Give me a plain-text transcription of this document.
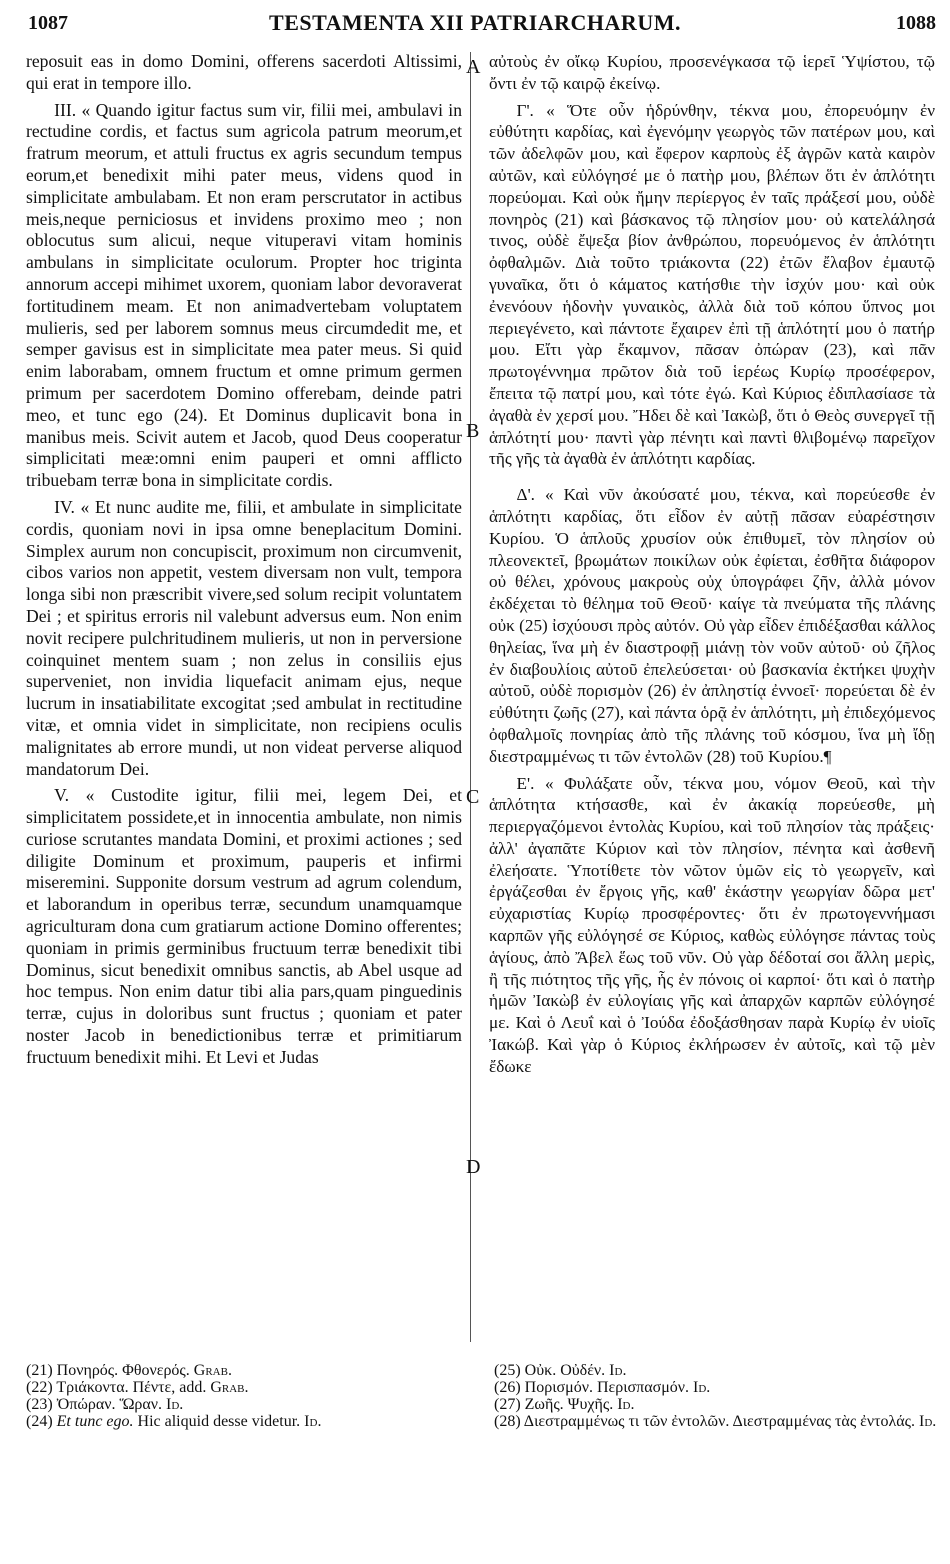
1087	TESTAMENTA XII PATRIARCHARUM.	1088

reposuit eas in domo Domini, offerens sacerdoti Altissimi, qui erat in tempore illo.

III. « Quando igitur factus sum vir, filii mei, ambulavi in rectudine cordis, et factus sum agricola patrum meorum,et fratrum meorum, et attuli fructus ex agris secundum tempus eorum,et benedixit mihi pater meus, videns quod in simplicitate ambulabam. Et non eram perscrutator in actibus meis,neque perniciosus et invidens proximo meo ; non oblocutus sum alicui, neque vituperavi vitam hominis ambulans in simplicitate oculorum. Propter hoc triginta annorum accepi mihimet uxorem, quoniam labor devoraverat fortitudinem meam. Et non animadvertebam voluptatem mulieris, sed per laborem somnus meus circumdedit me, et semper gavisus est in simplicitate mea pater meus. Si quid enim laborabam, omnem fructum et omne primum germen primum per sacerdotem Domino offerebam, deinde patri meo, et tunc ego (24). Et Dominus duplicavit bona in manibus meis. Scivit autem et Jacob, quod Deus cooperatur simplicitati meæ:omni enim pauperi et omni afflicto tribuebam terræ bona in simplicitate cordis.

IV. « Et nunc audite me, filii, et ambulate in simplicitate cordis, quoniam novi in ipsa omne beneplacitum Domini. Simplex aurum non concupiscit, proximum non circumvenit, cibos varios non appetit, vestem diversam non vult, tempora longa sibi non præscribit vivere,sed solum recipit voluntatem Dei ; et spiritus erroris nil valebunt adversus eum. Non enim novit recipere pulchritudinem mulieris, ut non in perversione coinquinet mentem suam ; non zelus in consiliis ejus superveniet, non invidia liquefacit animam ejus, neque lucrum in insatiabilitate excogitat ;sed ambulat in rectitudine vitæ, et omnia videt in simplicitate, non recipiens oculis malignitates ab errore mundi, ut non videat perverse aliquod mandatorum Dei.

V. « Custodite igitur, filii mei, legem Dei, et simplicitatem possidete,et in innocentia ambulate, non nimis curiose scrutantes mandata Domini, et proximi actiones ; sed diligite Dominum et proximum, pauperis et infirmi miseremini. Supponite dorsum vestrum ad agrum colendum, et laborandum in operibus terræ, secundum unamquamque agriculturam dona cum gratiarum actione Domino offerentes; quoniam in primis germinibus fructuum terræ benedixit tibi Dominus, sicut benedixit omnibus sanctis, ab Abel usque ad hoc tempus. Non enim datur tibi alia pars,quam pinguedinis terræ, cujus in doloribus sunt fructus ; quoniam et pater noster Jacob in benedictionibus terræ et primitiarum fructuum benedixit mihi. Et Levi et Judas

A
B
C
D

αὐτοὺς ἐν οἴκῳ Κυρίου, προσενέγκασα τῷ ἱερεῖ Ὑψίστου, τῷ ὄντι ἐν τῷ καιρῷ ἐκείνῳ.

Γ'. « Ὅτε οὖν ἡδρύνθην, τέκνα μου, ἐπορευόμην ἐν εὐθύτητι καρδίας, καὶ ἐγενόμην γεωργὸς τῶν πατέρων μου, καὶ τῶν ἀδελφῶν μου, καὶ ἔφερον καρποὺς ἐξ ἀγρῶν κατὰ καιρὸν αὐτῶν, καὶ εὐλόγησέ με ὁ πατὴρ μου, βλέπων ὅτι ἐν ἁπλότητι πορεύομαι. Καὶ οὐκ ἤμην περίεργος ἐν ταῖς πράξεσί μου, οὐδὲ πονηρὸς (21) καὶ βάσκανος τῷ πλησίον μου· οὐ κατελάλησά τινος, οὐδὲ ἔψεξα βίον ἀνθρώπου, πορευόμενος ἐν ἁπλότητι ὀφθαλμῶν. Διὰ τοῦτο τριάκοντα (22) ἐτῶν ἔλαβον ἐμαυτῷ γυναῖκα, ὅτι ὁ κάματος κατήσθιε τὴν ἰσχύν μου· καὶ οὐκ ἐνενόουν ἡδονὴν γυναικὸς, ἀλλὰ διὰ τοῦ κόπου ὕπνος μοι περιεγένετο, καὶ πάντοτε ἔχαιρεν ἐπὶ τῇ ἁπλότητί μου ὁ πατήρ μου. Εἴτι γὰρ ἔκαμνον, πᾶσαν ὀπώραν (23), καὶ πᾶν πρωτογέννημα πρῶτον διὰ τοῦ ἱερέως Κυρίῳ προσέφερον, ἔπειτα τῷ πατρί μου, καὶ τότε ἐγώ. Καὶ Κύριος ἐδιπλασίασε τὰ ἀγαθὰ ἐν χερσί μου. Ἤδει δὲ καὶ Ἰακὼβ, ὅτι ὁ Θεὸς συνεργεῖ τῇ ἁπλότητί μου· παντὶ γὰρ πένητι καὶ παντὶ θλιβομένῳ παρεῖχον τῆς γῆς τὰ ἀγαθὰ ἐν ἁπλότητι καρδίας.

Δ'. « Καὶ νῦν ἀκούσατέ μου, τέκνα, καὶ πορεύεσθε ἐν ἁπλότητι καρδίας, ὅτι εἶδον ἐν αὐτῇ πᾶσαν εὐαρέστησιν Κυρίου. Ὁ ἁπλοῦς χρυσίον οὐκ ἐπιθυμεῖ, τὸν πλησίον οὐ πλεονεκτεῖ, βρωμάτων ποικίλων οὐκ ἐφίεται, ἐσθῆτα διάφορον οὐ θέλει, χρόνους μακροὺς οὐχ ὑπογράφει ζῆν, ἀλλὰ μόνον ἐκδέχεται τὸ θέλημα τοῦ Θεοῦ· καίγε τὰ πνεύματα τῆς πλάνης οὐκ (25) ἰσχύουσι πρὸς αὐτόν. Οὐ γὰρ εἶδεν ἐπιδέξασθαι κάλλος θηλείας, ἵνα μὴ ἐν διαστροφῇ μιάνῃ τὸν νοῦν αὐτοῦ· οὐ ζῆλος ἐν διαβουλίοις αὐτοῦ ἐπελεύσεται· οὐ βασκανία ἐκτήκει ψυχὴν αὐτοῦ, οὐδὲ πορισμὸν (26) ἐν ἀπληστίᾳ ἐννοεῖ· πορεύεται δὲ ἐν εὐθύτητι ζωῆς (27), καὶ πάντα ὁρᾷ ἐν ἁπλότητι, μὴ ἐπιδεχόμενος ὀφθαλμοῖς πονηρίας ἀπὸ τῆς πλάνης τοῦ κόσμου, ἵνα μὴ ἴδῃ διεστραμμένως τι τῶν ἐντολῶν (28) τοῦ Κυρίου.¶

Ε'. « Φυλάξατε οὖν, τέκνα μου, νόμον Θεοῦ, καὶ τὴν ἁπλότητα κτήσασθε, καὶ ἐν ἀκακίᾳ πορεύεσθε, μὴ περιεργαζόμενοι ἐντολὰς Κυρίου, καὶ τοῦ πλησίον τὰς πράξεις· ἀλλ' ἀγαπᾶτε Κύριον καὶ τὸν πλησίον, πένητα καὶ ἀσθενῆ ἐλεήσατε. Ὑποτίθετε τὸν νῶτον ὑμῶν εἰς τὸ γεωργεῖν, καὶ ἐργάζεσθαι ἐν ἔργοις γῆς, καθ' ἑκάστην γεωργίαν δῶρα μετ' εὐχαριστίας Κυρίῳ προσφέροντες· ὅτι ἐν πρωτογεννήμασι καρπῶν γῆς εὐλόγησέ σε Κύριος, καθὼς εὐλόγησε πάντας τοὺς ἁγίους, ἀπὸ Ἄβελ ἕως τοῦ νῦν. Οὐ γὰρ δέδοταί σοι ἄλλη μερὶς, ἢ τῆς πιότητος τῆς γῆς, ἧς ἐν πόνοις οἱ καρποί· ὅτι καὶ ὁ πατὴρ ἡμῶν Ἰακὼβ ἐν εὐλογίαις γῆς καὶ ἀπαρχῶν καρπῶν εὐλόγησέ με. Καὶ ὁ Λευΐ καὶ ὁ Ἰούδα ἐδοξάσθησαν παρὰ Κυρίῳ ἐν υἱοῖς Ἰακώβ. Καὶ γὰρ ὁ Κύριος ἐκλήρωσεν ἐν αὐτοῖς, καὶ τῷ μὲν ἔδωκε

(21) Πονηρός. Φθονερός. Grab.
(22) Τριάκοντα. Πέντε, add. Grab.
(23) Ὀπώραν. Ὥραν. Id.
(24) Et tunc ego. Hic aliquid desse videtur. Id.
(25) Οὐκ. Οὐδέν. Id.
(26) Πορισμόν. Περισπασμόν. Id.
(27) Ζωῆς. Ψυχῆς. Id.
(28) Διεστραμμένως τι τῶν ἐντολῶν. Διεστραμμένας τὰς ἐντολάς. Id.
